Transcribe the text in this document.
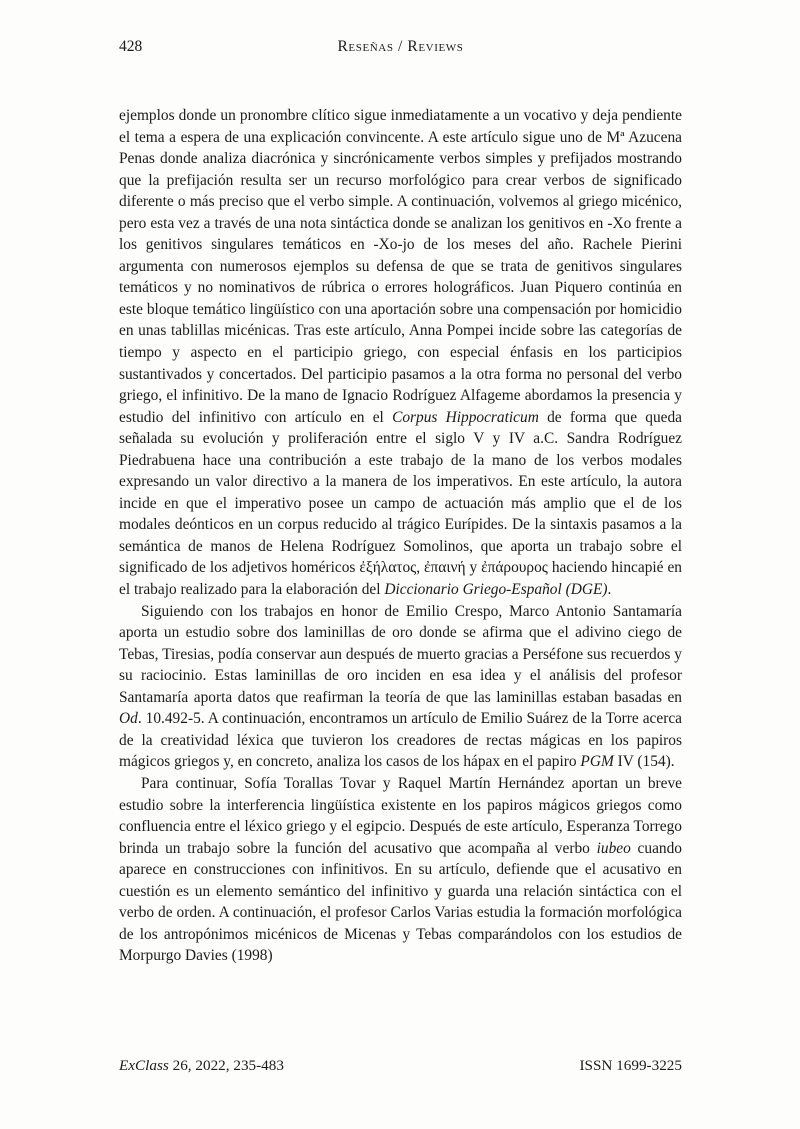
428	Reseñas / Reviews

ejemplos donde un pronombre clítico sigue inmediatamente a un vocativo y deja pendiente el tema a espera de una explicación convincente. A este artículo sigue uno de Mª Azucena Penas donde analiza diacrónica y sincrónicamente verbos simples y prefijados mostrando que la prefijación resulta ser un recurso morfológico para crear verbos de significado diferente o más preciso que el verbo simple. A continuación, volvemos al griego micénico, pero esta vez a través de una nota sintáctica donde se analizan los genitivos en -Xo frente a los genitivos singulares temáticos en -Xo-jo de los meses del año. Rachele Pierini argumenta con numerosos ejemplos su defensa de que se trata de genitivos singulares temáticos y no nominativos de rúbrica o errores holográficos. Juan Piquero continúa en este bloque temático lingüístico con una aportación sobre una compensación por homicidio en unas tablillas micénicas. Tras este artículo, Anna Pompei incide sobre las categorías de tiempo y aspecto en el participio griego, con especial énfasis en los participios sustantivados y concertados. Del participio pasamos a la otra forma no personal del verbo griego, el infinitivo. De la mano de Ignacio Rodríguez Alfageme abordamos la presencia y estudio del infinitivo con artículo en el Corpus Hippocraticum de forma que queda señalada su evolución y proliferación entre el siglo V y IV a.C. Sandra Rodríguez Piedrabuena hace una contribución a este trabajo de la mano de los verbos modales expresando un valor directivo a la manera de los imperativos. En este artículo, la autora incide en que el imperativo posee un campo de actuación más amplio que el de los modales deónticos en un corpus reducido al trágico Eurípides. De la sintaxis pasamos a la semántica de manos de Helena Rodríguez Somolinos, que aporta un trabajo sobre el significado de los adjetivos homéricos ἐξήλατος, ἐπαινή y ἐπάρουρος haciendo hincapié en el trabajo realizado para la elaboración del Diccionario Griego-Español (DGE).

Siguiendo con los trabajos en honor de Emilio Crespo, Marco Antonio Santamaría aporta un estudio sobre dos laminillas de oro donde se afirma que el adivino ciego de Tebas, Tiresias, podía conservar aun después de muerto gracias a Perséfone sus recuerdos y su raciocinio. Estas laminillas de oro inciden en esa idea y el análisis del profesor Santamaría aporta datos que reafirman la teoría de que las laminillas estaban basadas en Od. 10.492-5. A continuación, encontramos un artículo de Emilio Suárez de la Torre acerca de la creatividad léxica que tuvieron los creadores de rectas mágicas en los papiros mágicos griegos y, en concreto, analiza los casos de los hápax en el papiro PGM IV (154).

Para continuar, Sofía Torallas Tovar y Raquel Martín Hernández aportan un breve estudio sobre la interferencia lingüística existente en los papiros mágicos griegos como confluencia entre el léxico griego y el egipcio. Después de este artículo, Esperanza Torrego brinda un trabajo sobre la función del acusativo que acompaña al verbo iubeo cuando aparece en construcciones con infinitivos. En su artículo, defiende que el acusativo en cuestión es un elemento semántico del infinitivo y guarda una relación sintáctica con el verbo de orden. A continuación, el profesor Carlos Varias estudia la formación morfológica de los antropónimos micénicos de Micenas y Tebas comparándolos con los estudios de Morpurgo Davies (1998)

ExClass 26, 2022, 235-483	ISSN 1699-3225
